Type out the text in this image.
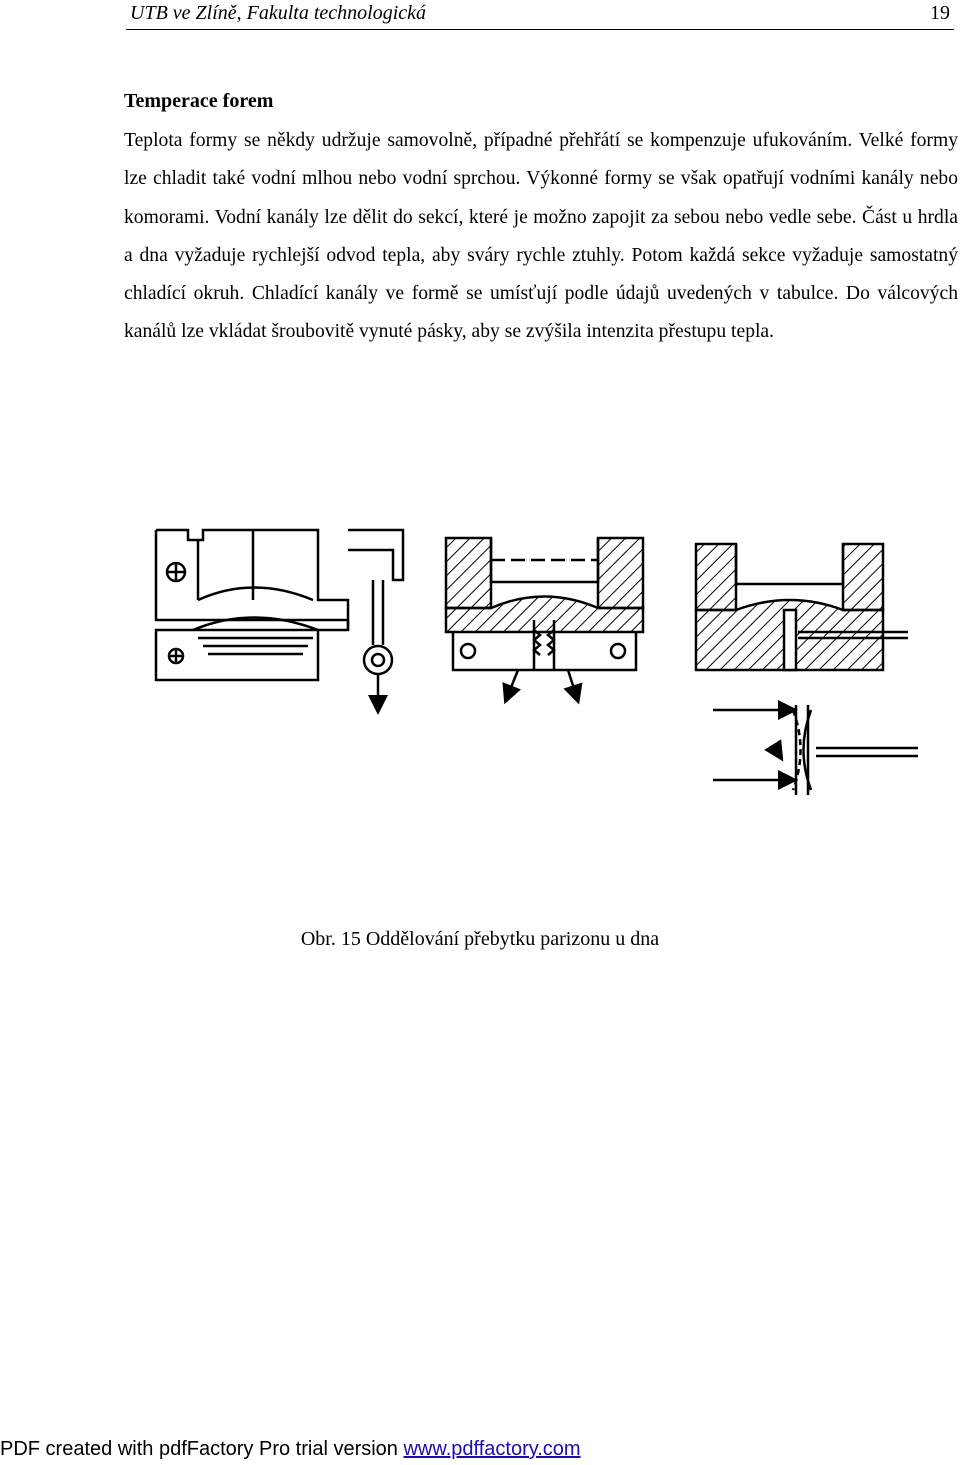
UTB ve Zlíně, Fakulta technologická	19
Temperace forem

Teplota formy se někdy udržuje samovolně, případné přehřátí se kompenzuje ufukováním. Velké formy lze chladit také vodní mlhou nebo vodní sprchou. Výkonné formy se však opatřují vodními kanály nebo komorami. Vodní kanály lze dělit do sekcí, které je možno zapojit za sebou nebo vedle sebe. Část u hrdla a dna vyžaduje rychlejší odvod tepla, aby sváry rychle ztuhly. Potom každá sekce vyžaduje samostatný chladící okruh. Chladící kanály ve formě se umísťují podle údajů uvedených v tabulce. Do válcových kanálů lze vkládat šroubovitě vynuté pásky, aby se zvýšila intenzita přestupu tepla.

Obr. 15 Oddělování přebytku parizonu u dna
PDF created with pdfFactory Pro trial version www.pdffactory.com
